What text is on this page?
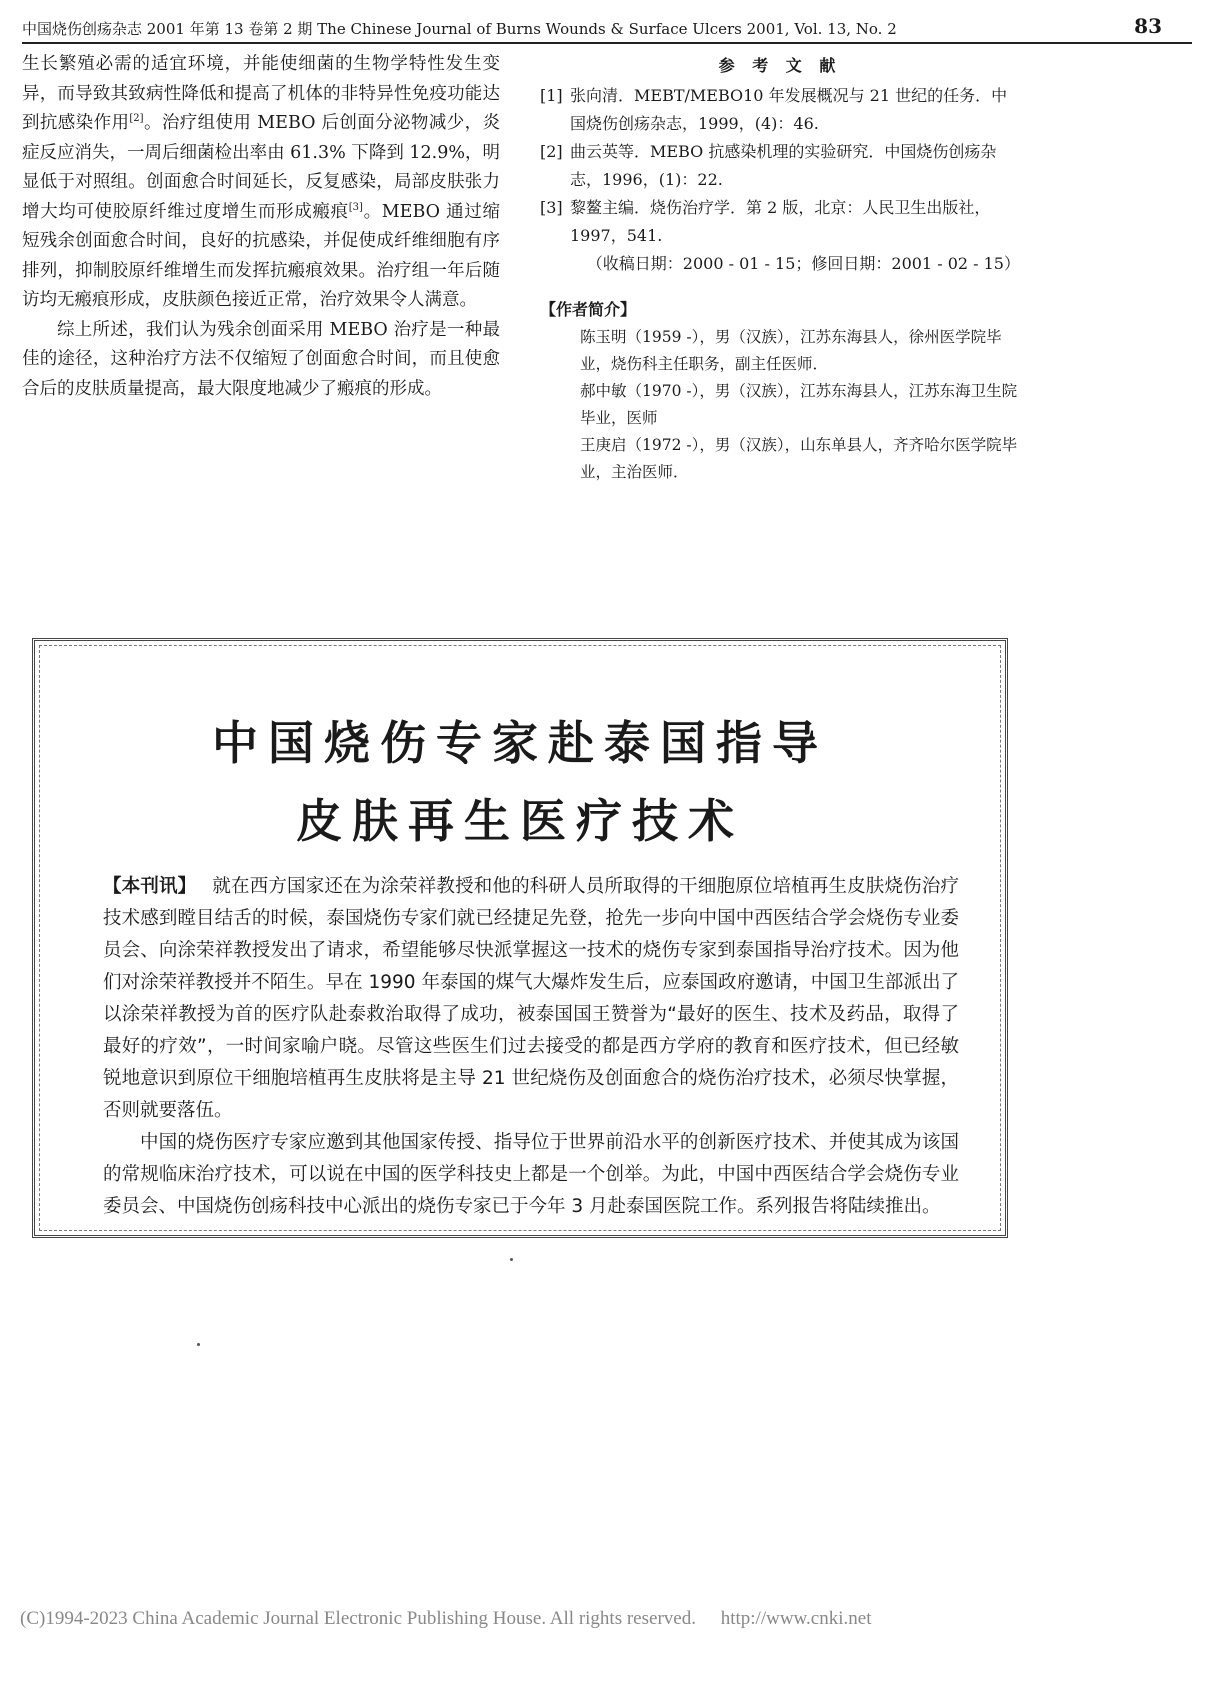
中国烧伤创疡杂志 2001 年第 13 卷第 2 期 The Chinese Journal of Burns Wounds & Surface Ulcers 2001, Vol. 13, No. 2	83

生长繁殖必需的适宜环境，并能使细菌的生物学特性发生变异，而导致其致病性降低和提高了机体的非特异性免疫功能达到抗感染作用[2]。治疗组使用 MEBO 后创面分泌物减少，炎症反应消失，一周后细菌检出率由 61.3% 下降到 12.9%，明显低于对照组。创面愈合时间延长，反复感染，局部皮肤张力增大均可使胶原纤维过度增生而形成瘢痕[3]。MEBO 通过缩短残余创面愈合时间，良好的抗感染，并促使成纤维细胞有序排列，抑制胶原纤维增生而发挥抗瘢痕效果。治疗组一年后随访均无瘢痕形成，皮肤颜色接近正常，治疗效果令人满意。

综上所述，我们认为残余创面采用 MEBO 治疗是一种最佳的途径，这种治疗方法不仅缩短了创面愈合时间，而且使愈合后的皮肤质量提高，最大限度地减少了瘢痕的形成。

参 考 文 献
[1] 张向清．MEBT/MEBO10 年发展概况与 21 世纪的任务．中国烧伤创疡杂志，1999，(4)：46.
[2] 曲云英等．MEBO 抗感染机理的实验研究．中国烧伤创疡杂志，1996，(1)：22.
[3] 黎鳌主编．烧伤治疗学．第 2 版，北京：人民卫生出版社，1997，541.
（收稿日期：2000 - 01 - 15；修回日期：2001 - 02 - 15）
【作者简介】
陈玉明（1959 -），男（汉族），江苏东海县人，徐州医学院毕业，烧伤科主任职务，副主任医师．
郝中敏（1970 -），男（汉族），江苏东海县人，江苏东海卫生院毕业，医师
王庚启（1972 -），男（汉族），山东单县人，齐齐哈尔医学院毕业，主治医师．
中国烧伤专家赴泰国指导
皮肤再生医疗技术

【本刊讯】 就在西方国家还在为涂荣祥教授和他的科研人员所取得的干细胞原位培植再生皮肤烧伤治疗技术感到瞠目结舌的时候，泰国烧伤专家们就已经捷足先登，抢先一步向中国中西医结合学会烧伤专业委员会、向涂荣祥教授发出了请求，希望能够尽快派掌握这一技术的烧伤专家到泰国指导治疗技术。因为他们对涂荣祥教授并不陌生。早在 1990 年泰国的煤气大爆炸发生后，应泰国政府邀请，中国卫生部派出了以涂荣祥教授为首的医疗队赴泰救治取得了成功，被泰国国王赞誉为“最好的医生、技术及药品，取得了最好的疗效”，一时间家喻户晓。尽管这些医生们过去接受的都是西方学府的教育和医疗技术，但已经敏锐地意识到原位干细胞培植再生皮肤将是主导 21 世纪烧伤及创面愈合的烧伤治疗技术，必须尽快掌握，否则就要落伍。

中国的烧伤医疗专家应邀到其他国家传授、指导位于世界前沿水平的创新医疗技术、并使其成为该国的常规临床治疗技术，可以说在中国的医学科技史上都是一个创举。为此，中国中西医结合学会烧伤专业委员会、中国烧伤创疡科技中心派出的烧伤专家已于今年 3 月赴泰国医院工作。系列报告将陆续推出。

(C)1994-2023 China Academic Journal Electronic Publishing House. All rights reserved. http://www.cnki.net
